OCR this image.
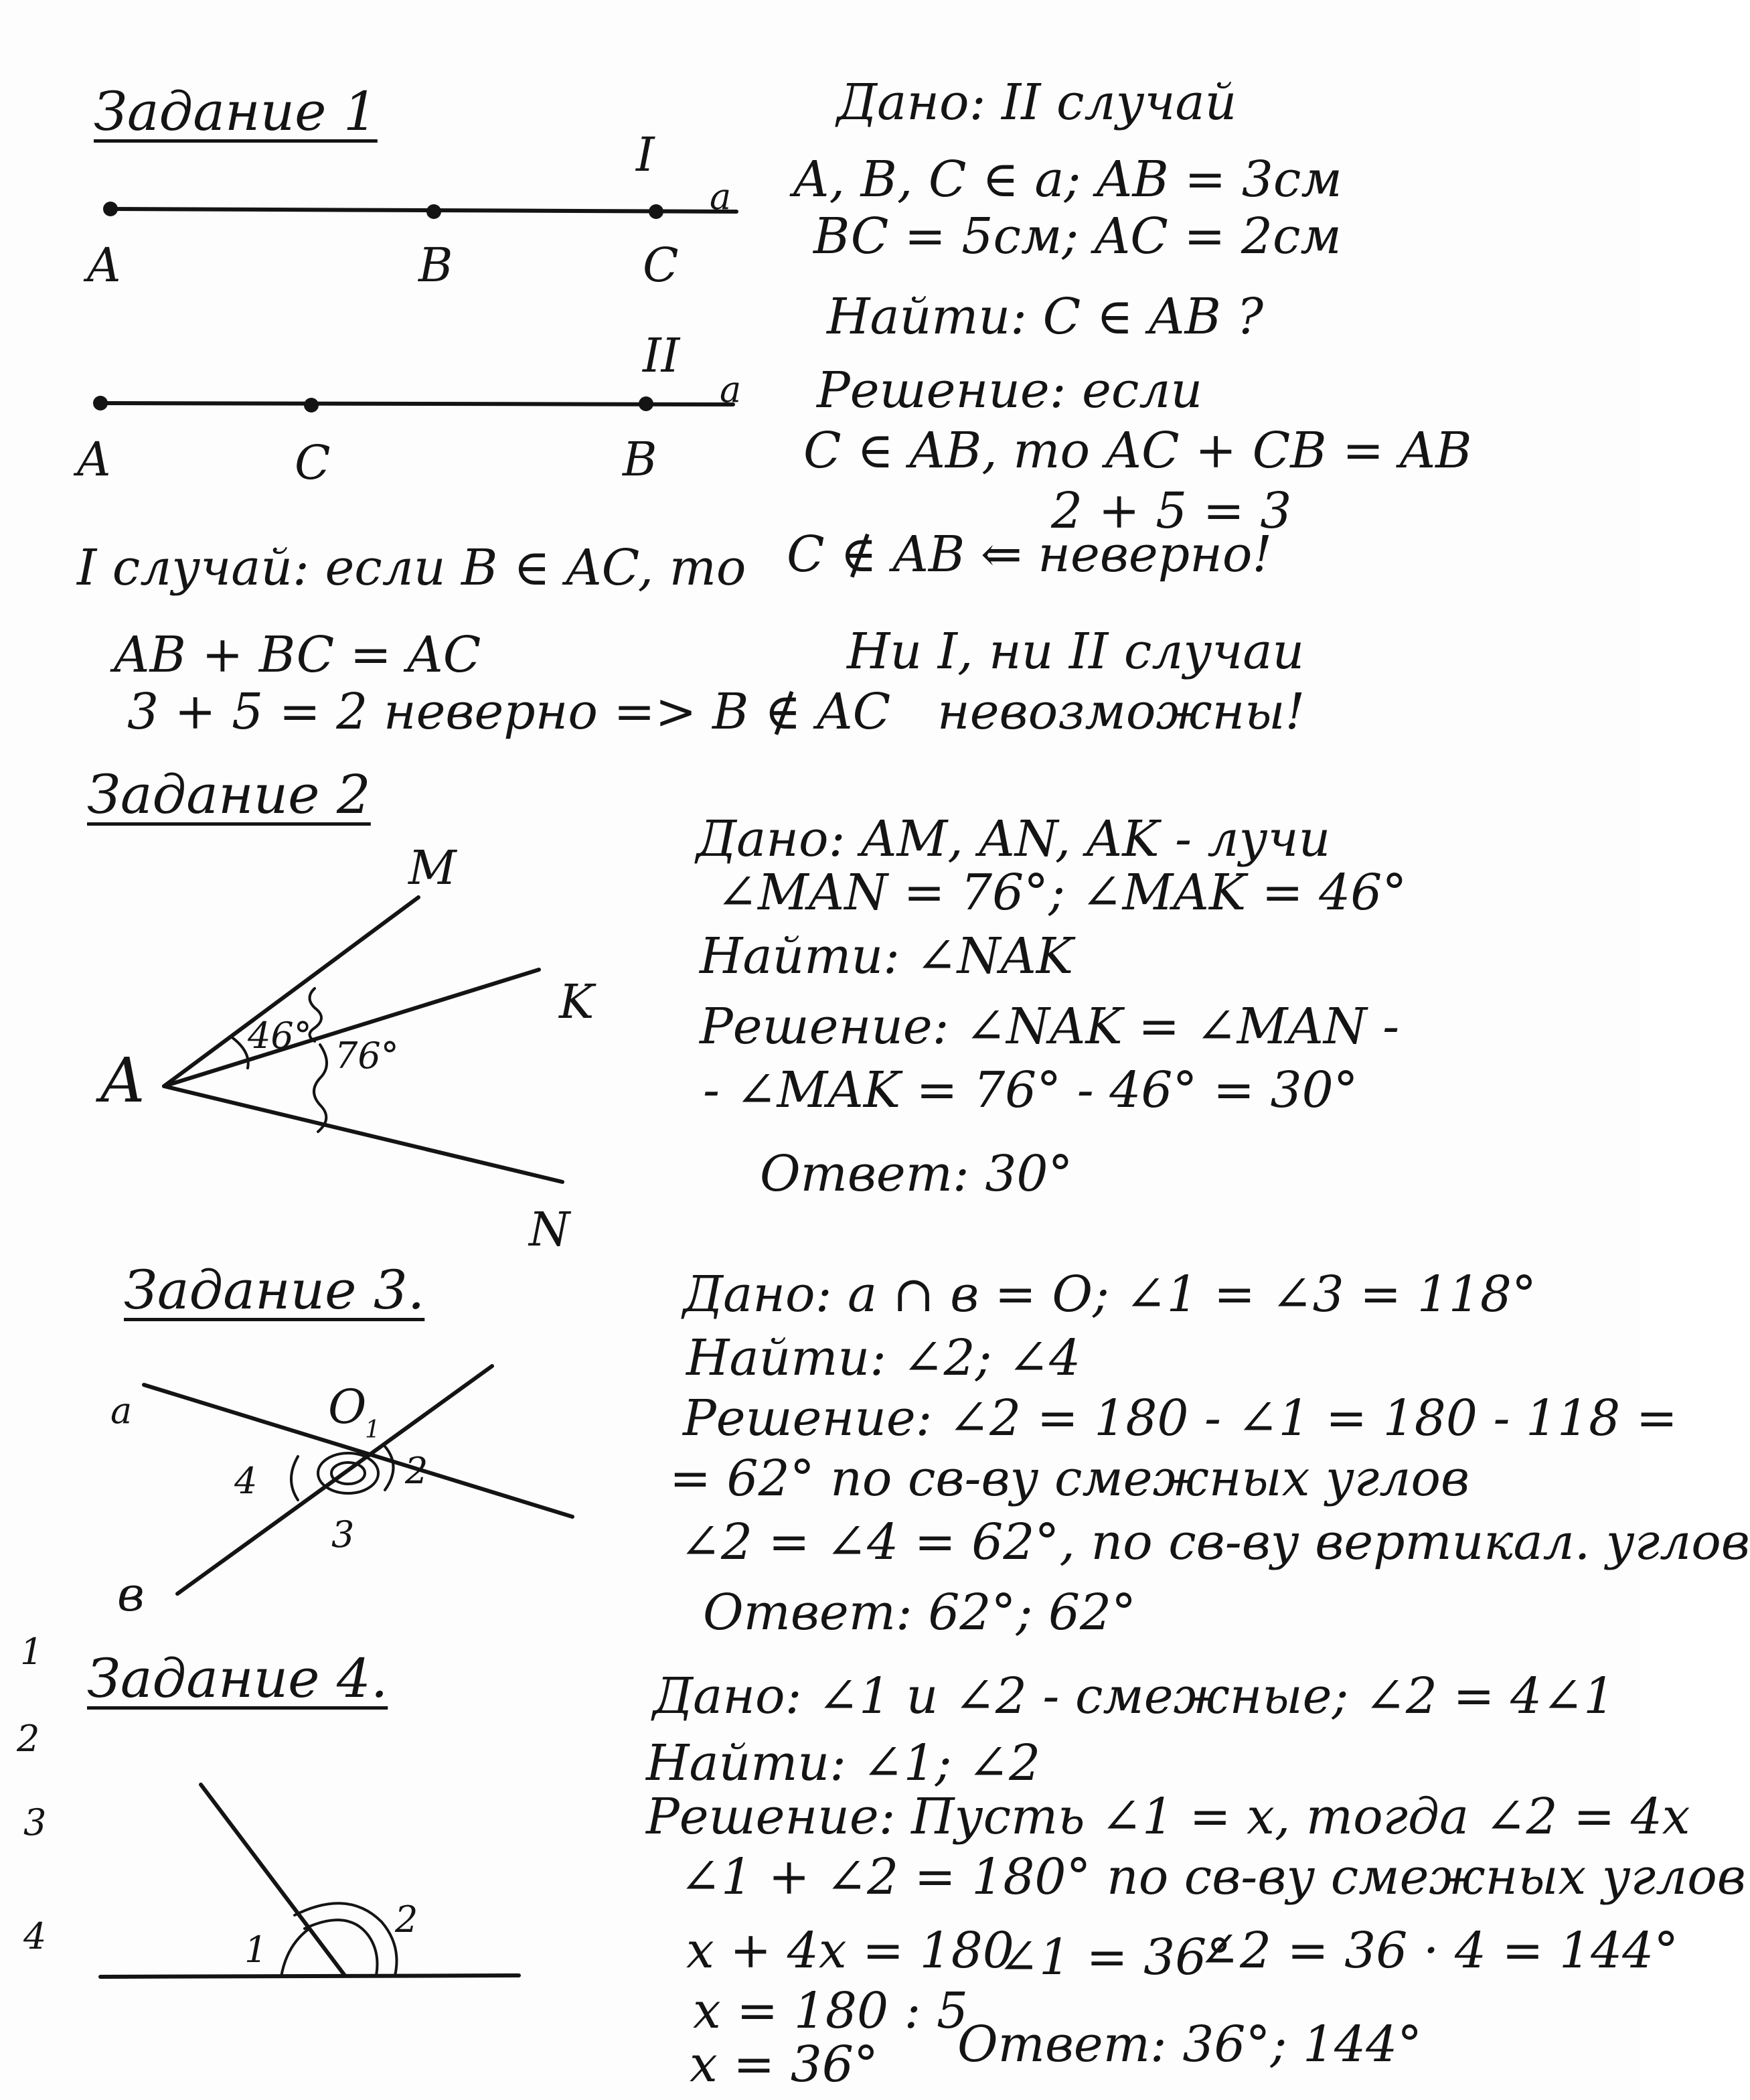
Задание 1
I
a
A	B	C
II
a
A	C	B
I случай: если B ∈ AC, то
AB + BC = AC
3 + 5 = 2 неверно => B ∉ AC
Дано: II случай
A, B, C ∈ a; AB = 3см
BC = 5см; AC = 2см
Найти: C ∈ AB ?
Решение: если
C ∈ AB, то AC + CB = AB
2 + 5 = 3
C ∉ AB ⇐ неверно!
Ни I, ни II случаи
невозможны!
Задание 2
M
K
A
N
46° 76°
Дано: AM, AN, AK - лучи
∠MAN = 76°; ∠MAK = 46°
Найти: ∠NAK
Решение: ∠NAK = ∠MAN -
- ∠MAK = 76° - 46° = 30°
Ответ: 30°
Задание 3.
a	O
1
4	2
3
в
Дано: a ∩ в = O; ∠1 = ∠3 = 118°
Найти: ∠2; ∠4
Решение: ∠2 = 180 - ∠1 = 180 - 118 =
= 62° по св-ву смежных углов
∠2 = ∠4 = 62°, по св-ву вертикал. углов
Ответ: 62°; 62°
1
2
3
4
Задание 4.
1
2
Дано: ∠1 и ∠2 - смежные; ∠2 = 4∠1
Найти: ∠1; ∠2
Решение: Пусть ∠1 = x, тогда ∠2 = 4x
∠1 + ∠2 = 180° по св-ву смежных углов
x + 4x = 180
x = 180 : 5
x = 36°
∠1 = 36°
∠2 = 36 · 4 = 144°
Ответ: 36°; 144°
